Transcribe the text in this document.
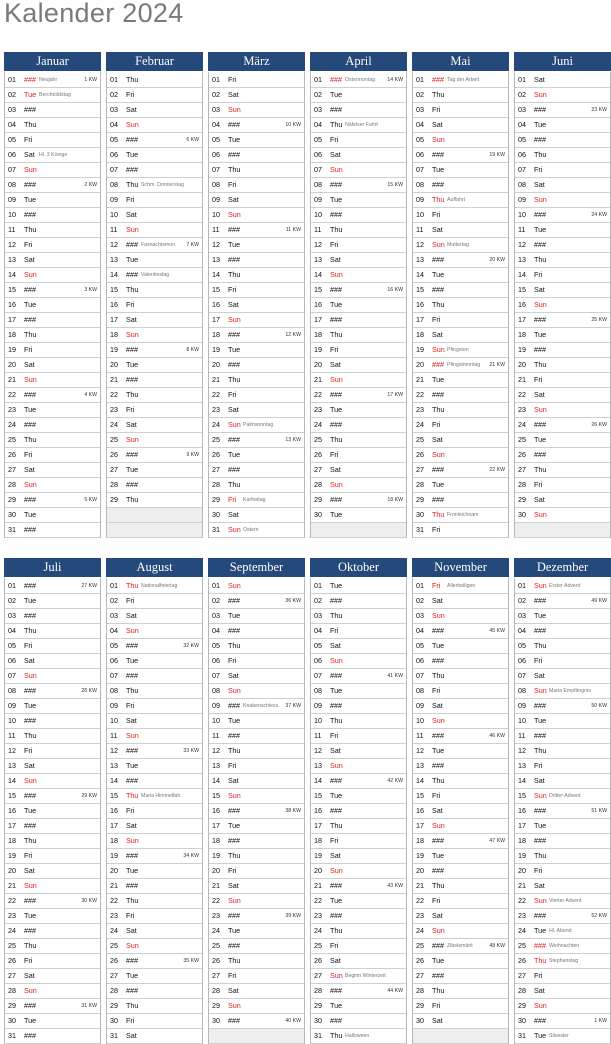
Kalender 2024
Januar
01	### Neujahr	1 KW
02	Tue Berchtoldstag
03	###
04	Thu
05	Fri
06	Sat Hl. 3 Könige
07	Sun
08	###	2 KW
09	Tue
10	###
11	Thu
12	Fri
13	Sat
14	Sun
15	###	3 KW
16	Tue
17	###
18	Thu
19	Fri
20	Sat
21	Sun
22	###	4 KW
23	Tue
24	###
25	Thu
26	Fri
27	Sat
28	Sun
29	###	5 KW
30	Tue
31	###
Februar
01	Thu
02	Fri
03	Sat
04	Sun
05	###	6 KW
06	Tue
07	###
08	Thu Schm. Donnerstag
09	Fri
10	Sat
11	Sun
12	### Fasnachtsmon. 7 KW
13	Tue
14	### Valentinstag
15	Thu
16	Fri
17	Sat
18	Sun
19	###	8 KW
20	Tue
21	###
22	Thu
23	Fri
24	Sat
25	Sun
26	###	9 KW
27	Tue
28	###
29	Thu
März
01	Fri
02	Sat
03	Sun
04	###	10 KW
05	Tue
06	###
07	Thu
08	Fri
09	Sat
10	Sun
11	###	11 KW
12	Tue
13	###
14	Thu
15	Fri
16	Sat
17	Sun
18	###	12 KW
19	Tue
20	###
21	Thu
22	Fri
23	Sat
24	Sun Palmsonntag
25	###	13 KW
26	Tue
27	###
28	Thu
29	Fri Karfreitag
30	Sat
31	Sun Ostern
April
01	### Ostermontag 14 KW
02	Tue
03	###
04	Thu Näfelser Fahrt
05	Fri
06	Sat
07	Sun
08	###	15 KW
09	Tue
10	###
11	Thu
12	Fri
13	Sat
14	Sun
15	###	16 KW
16	Tue
17	###
18	Thu
19	Fri
20	Sat
21	Sun
22	###	17 KW
23	Tue
24	###
25	Thu
26	Fri
27	Sat
28	Sun
29	###	18 KW
30	Tue
Mai
01	### Tag der Arbeit
02	Thu
03	Fri
04	Sat
05	Sun
06	###	19 KW
07	Tue
08	###
09	Thu Auffahrt
10	Fri
11	Sat
12	Sun Muttertag
13	###	20 KW
14	Tue
15	###
16	Thu
17	Fri
18	Sat
19	Sun Pfingsten
20	### Pfingstmontag 21 KW
21	Tue
22	###
23	Thu
24	Fri
25	Sat
26	Sun
27	###	22 KW
28	Tue
29	###
30	Thu Fronleichnam
31	Fri
Juni
01	Sat
02	Sun
03	###	23 KW
04	Tue
05	###
06	Thu
07	Fri
08	Sat
09	Sun
10	###	24 KW
11	Tue
12	###
13	Thu
14	Fri
15	Sat
16	Sun
17	###	25 KW
18	Tue
19	###
20	Thu
21	Fri
22	Sat
23	Sun
24	###	26 KW
25	Tue
26	###
27	Thu
28	Fri
29	Sat
30	Sun
Juli
01	###	27 KW
02	Tue
03	###
04	Thu
05	Fri
06	Sat
07	Sun
08	###	28 KW
09	Tue
10	###
11	Thu
12	Fri
13	Sat
14	Sun
15	###	29 KW
16	Tue
17	###
18	Thu
19	Fri
20	Sat
21	Sun
22	###	30 KW
23	Tue
24	###
25	Thu
26	Fri
27	Sat
28	Sun
29	###	31 KW
30	Tue
31	###
August
01	Thu Nationalfeiertag
02	Fri
03	Sat
04	Sun
05	###	32 KW
06	Tue
07	###
08	Thu
09	Fri
10	Sat
11	Sun
12	###	33 KW
13	Tue
14	###
15	Thu Maria Himmelfah.
16	Fri
17	Sat
18	Sun
19	###	34 KW
20	Tue
21	###
22	Thu
23	Fri
24	Sat
25	Sun
26	###	35 KW
27	Tue
28	###
29	Thu
30	Fri
31	Sat
September
01	Sun
02	###	36 KW
03	Tue
04	###
05	Thu
06	Fri
07	Sat
08	Sun
09	### Knabenschiess. 37 KW
10	Tue
11	###
12	Thu
13	Fri
14	Sat
15	Sun
16	###	38 KW
17	Tue
18	###
19	Thu
20	Fri
21	Sat
22	Sun
23	###	39 KW
24	Tue
25	###
26	Thu
27	Fri
28	Sat
29	Sun
30	###	40 KW
Oktober
01	Tue
02	###
03	Thu
04	Fri
05	Sat
06	Sun
07	###	41 KW
08	Tue
09	###
10	Thu
11	Fri
12	Sat
13	Sun
14	###	42 KW
15	Tue
16	###
17	Thu
18	Fri
19	Sat
20	Sun
21	###	43 KW
22	Tue
23	###
24	Thu
25	Fri
26	Sat
27	Sun Beginn Winterzeit
28	###	44 KW
29	Tue
30	###
31	Thu Halloween
November
01	Fri Allerheiligen
02	Sat
03	Sun
04	###	45 KW
05	Tue
06	###
07	Thu
08	Fri
09	Sat
10	Sun
11	###	46 KW
12	Tue
13	###
14	Thu
15	Fri
16	Sat
17	Sun
18	###	47 KW
19	Tue
20	###
21	Thu
22	Fri
23	Sat
24	Sun
25	### Zibelemärit	48 KW
26	Tue
27	###
28	Thu
29	Fri
30	Sat
Dezember
01	Sun Erster Advent
02	###	49 KW
03	Tue
04	###
05	Thu
06	Fri
07	Sat
08	Sun Maria Empfängnis
09	###	50 KW
10	Tue
11	###
12	Thu
13	Fri
14	Sat
15	Sun Dritter Advent
16	###	51 KW
17	Tue
18	###
19	Thu
20	Fri
21	Sat
22	Sun Vierter Advent
23	###	52 KW
24	Tue Hl. Abend
25	### Weihnachten
26	Thu Stephanstag
27	Fri
28	Sat
29	Sun
30	###	1 KW
31	Tue Silvester
